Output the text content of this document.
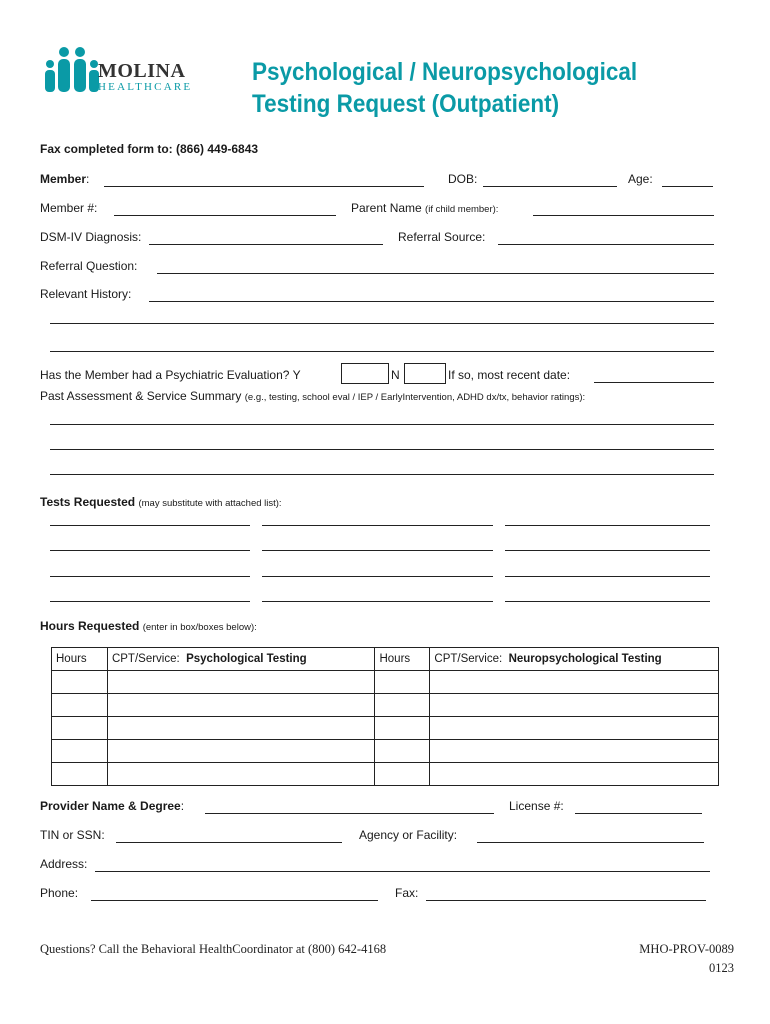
MOLINA
HEALTHCARE
Psychological / Neuropsychological
Testing Request (Outpatient)
Fax completed form to: (866) 449-6843
Member:	DOB:	Age:
Member #:	Parent Name (if child member):
DSM-IV Diagnosis:	Referral Source:
Referral Question:
Relevant History:
Has the Member had a Psychiatric Evaluation? Y	N	If so, most recent date:
Past Assessment & Service Summary (e.g., testing, school eval / IEP / EarlyIntervention, ADHD dx/tx, behavior ratings):
Tests Requested (may substitute with attached list):
Hours Requested (enter in box/boxes below):
Hours	CPT/Service: Psychological Testing	Hours	CPT/Service: Neuropsychological Testing

Provider Name & Degree:	License #:
TIN or SSN:	Agency or Facility:
Address:
Phone:	Fax:
Questions? Call the Behavioral HealthCoordinator at (800) 642-4168	MHO-PROV-0089
0123
